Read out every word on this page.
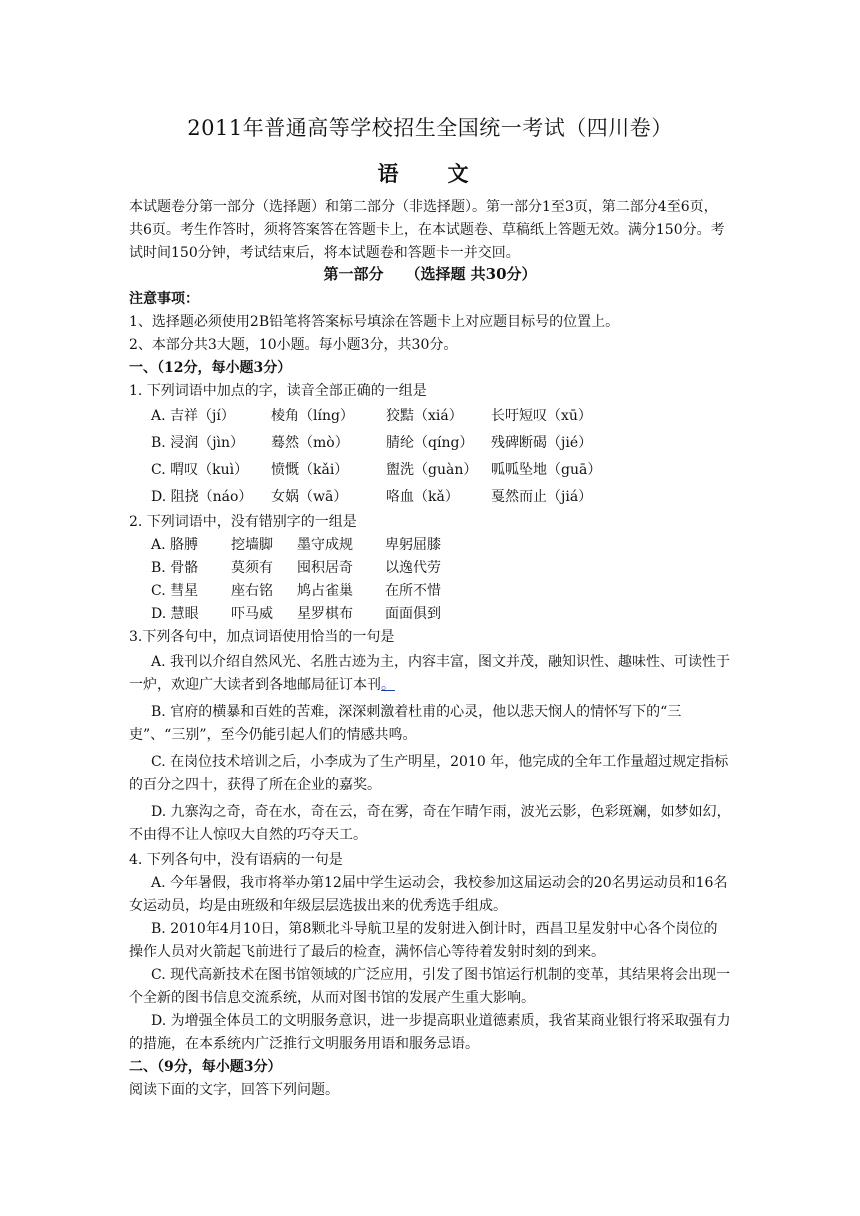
2011年普通高等学校招生全国统一考试（四川卷）
语　文
本试题卷分第一部分（选择题）和第二部分（非选择题）。第一部分1至3页，第二部分4至6页，共6页。考生作答时，须将答案答在答题卡上，在本试题卷、草稿纸上答题无效。满分150分。考试时间150分钟，考试结束后，将本试题卷和答题卡一并交回。
第一部分 （选择题 共30分）
注意事项：
1、选择题必须使用2B铅笔将答案标号填涂在答题卡上对应题目标号的位置上。
2、本部分共3大题，10小题。每小题3分，共30分。
一、（12分，每小题3分）
1. 下列词语中加点的字，读音全部正确的一组是
A. 吉祥（jí）	棱角（líng）	狡黠（xiá）	长吁短叹（xū）
B. 浸润（jìn）	蓦然（mò）	腈纶（qíng）	残碑断碣（jié）
C. 喟叹（kuì）	愤慨（kǎi）	盥洗（guàn） 呱呱坠地（guā）
D. 阻挠（náo）	女娲（wā）	咯血（kǎ）	戛然而止（jiá）
2. 下列词语中，没有错别字的一组是
A. 胳膊	挖墙脚	墨守成规	卑躬屈膝
B. 骨骼	莫须有	囤积居奇	以逸代劳
C. 彗星	座右铭	鸠占雀巢	在所不惜
D. 慧眼	吓马威	星罗棋布	面面俱到
3.下列各句中，加点词语使用恰当的一句是
A. 我刊以介绍自然风光、名胜古迹为主，内容丰富，图文并茂，融知识性、趣味性、可读性于一炉，欢迎广大读者到各地邮局征订本刊。
B. 官府的横暴和百姓的苦难，深深刺激着杜甫的心灵，他以悲天悯人的情怀写下的“三吏”、“三别”，至今仍能引起人们的情感共鸣。
C. 在岗位技术培训之后，小李成为了生产明星，2010 年，他完成的全年工作量超过规定指标的百分之四十，获得了所在企业的嘉奖。
D. 九寨沟之奇，奇在水，奇在云，奇在雾，奇在乍晴乍雨，波光云影，色彩斑斓，如梦如幻，不由得不让人惊叹大自然的巧夺天工。
4. 下列各句中，没有语病的一句是
A. 今年暑假，我市将举办第12届中学生运动会，我校参加这届运动会的20名男运动员和16名女运动员，均是由班级和年级层层选拔出来的优秀选手组成。
B. 2010年4月10日，第8颗北斗导航卫星的发射进入倒计时，西昌卫星发射中心各个岗位的操作人员对火箭起飞前进行了最后的检查，满怀信心等待着发射时刻的到来。
C. 现代高新技术在图书馆领域的广泛应用，引发了图书馆运行机制的变革，其结果将会出现一个全新的图书信息交流系统，从而对图书馆的发展产生重大影响。
D. 为增强全体员工的文明服务意识，进一步提高职业道德素质，我省某商业银行将采取强有力的措施，在本系统内广泛推行文明服务用语和服务忌语。
二、（9分，每小题3分）
阅读下面的文字，回答下列问题。
